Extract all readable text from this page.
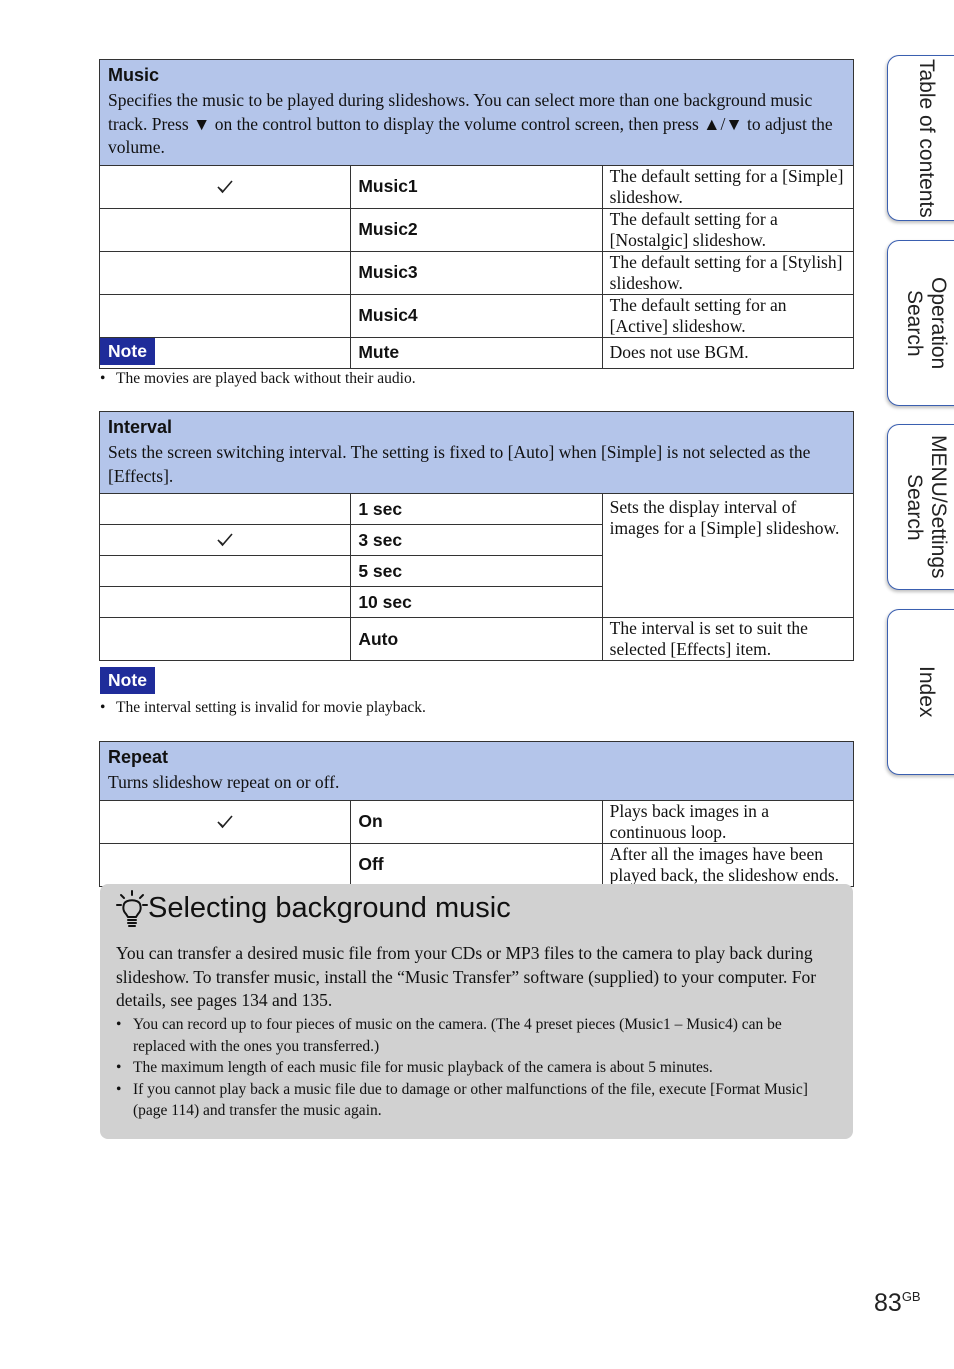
Music
Specifies the music to be played during slideshows. You can select more than one background music track. Press ▼ on the control button to display the volume control screen, then press ▲/▼ to adjust the volume.		

	Music1	The default setting for a [Simple] slideshow.
	Music2	The default setting for a [Nostalgic] slideshow.
	Music3	The default setting for a [Stylish] slideshow.
	Music4	The default setting for an [Active] slideshow.
	Mute	Does not use BGM.
Note
• The movies are played back without their audio.
Interval
Sets the screen switching interval. The setting is fixed to [Auto] when [Simple] is not selected as the [Effects].		

	1 sec	Sets the display interval of images for a [Simple] slideshow.

	3 sec	
	5 sec	
	10 sec	
	Auto	The interval is set to suit the selected [Effects] item.
Note
• The interval setting is invalid for movie playback.
Repeat
Turns slideshow repeat on or off.		

	On	Plays back images in a continuous loop.
	Off	After all the images have been played back, the slideshow ends.
Selecting background music
You can transfer a desired music file from your CDs or MP3 files to the camera to play back during slideshow. To transfer music, install the “Music Transfer” software (supplied) to your computer. For details, see pages 134 and 135.
• You can record up to four pieces of music on the camera. (The 4 preset pieces (Music1 – Music4) can be replaced with the ones you transferred.)
• The maximum length of each music file for music playback of the camera is about 5 minutes.
• If you cannot play back a music file due to damage or other malfunctions of the file, execute [Format Music] (page 114) and transfer the music again.
Table of contents
Operation Search
MENU/Settings Search
Index
$83^{GB}$
